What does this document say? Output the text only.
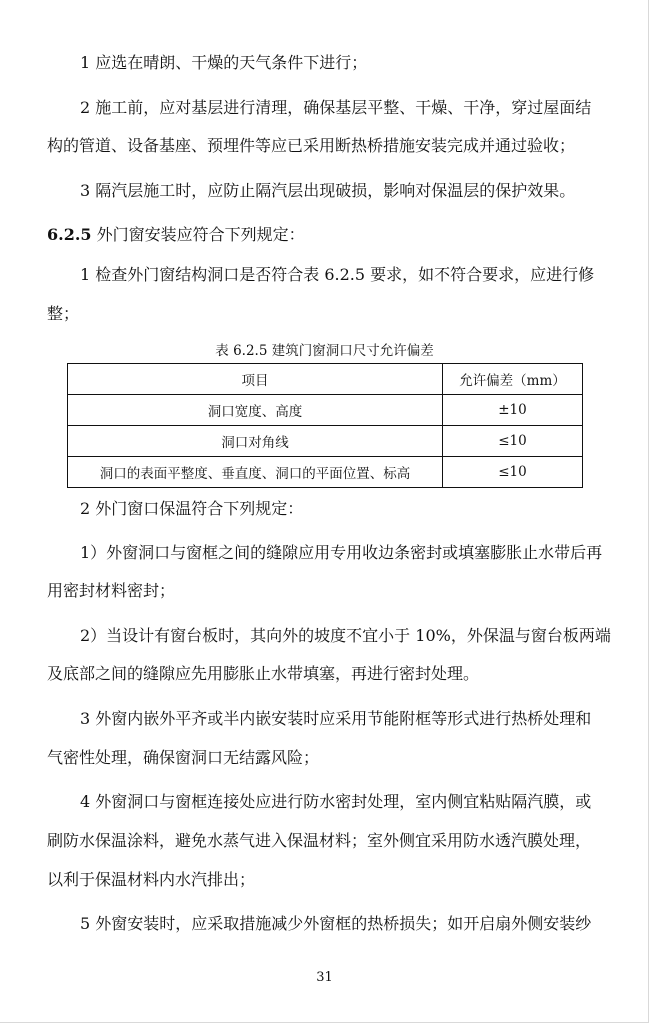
1 应选在晴朗、干燥的天气条件下进行；
2 施工前，应对基层进行清理，确保基层平整、干燥、干净，穿过屋面结
构的管道、设备基座、预埋件等应已采用断热桥措施安装完成并通过验收；
3 隔汽层施工时，应防止隔汽层出现破损，影响对保温层的保护效果。
6.2.5 外门窗安装应符合下列规定：
1 检查外门窗结构洞口是否符合表 6.2.5 要求，如不符合要求，应进行修
整；
表 6.2.5 建筑门窗洞口尺寸允许偏差
项目	允许偏差（mm）
洞口宽度、高度	±10
洞口对角线	≤10
洞口的表面平整度、垂直度、洞口的平面位置、标高	≤10
2 外门窗口保温符合下列规定：
1）外窗洞口与窗框之间的缝隙应用专用收边条密封或填塞膨胀止水带后再
用密封材料密封；
2）当设计有窗台板时，其向外的坡度不宜小于 10%，外保温与窗台板两端
及底部之间的缝隙应先用膨胀止水带填塞，再进行密封处理。
3 外窗内嵌外平齐或半内嵌安装时应采用节能附框等形式进行热桥处理和
气密性处理，确保窗洞口无结露风险；
4 外窗洞口与窗框连接处应进行防水密封处理，室内侧宜粘贴隔汽膜，或
刷防水保温涂料，避免水蒸气进入保温材料；室外侧宜采用防水透汽膜处理，
以利于保温材料内水汽排出；
5 外窗安装时，应采取措施减少外窗框的热桥损失；如开启扇外侧安装纱
31
